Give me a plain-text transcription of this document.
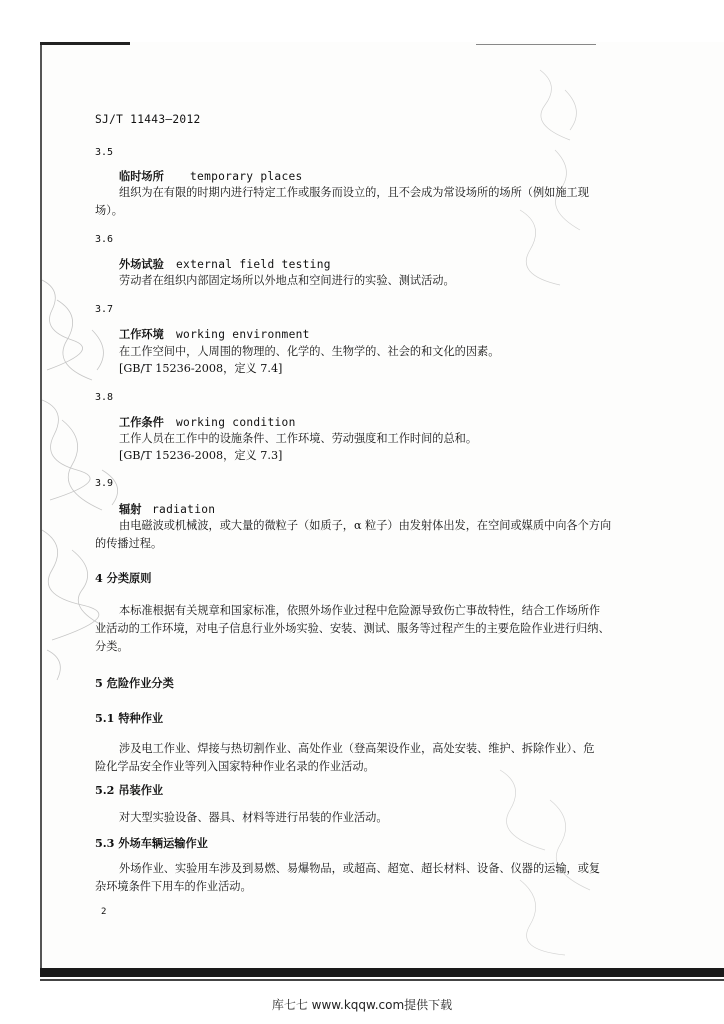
SJ/T 11443—2012
3.5
临时场所 temporary places
组织为在有限的时期内进行特定工作或服务而设立的，且不会成为常设场所的场所（例如施工现
场）。
3.6
外场试验 external field testing
劳动者在组织内部固定场所以外地点和空间进行的实验、测试活动。
3.7
工作环境 working environment
在工作空间中，人周围的物理的、化学的、生物学的、社会的和文化的因素。
[GB/T 15236-2008，定义 7.4]
3.8
工作条件 working condition
工作人员在工作中的设施条件、工作环境、劳动强度和工作时间的总和。
[GB/T 15236-2008，定义 7.3]
3.9
辐射 radiation
由电磁波或机械波，或大量的微粒子（如质子，α 粒子）由发射体出发，在空间或媒质中向各个方向
的传播过程。
4 分类原则
本标准根据有关规章和国家标准，依照外场作业过程中危险源导致伤亡事故特性，结合工作场所作
业活动的工作环境，对电子信息行业外场实验、安装、测试、服务等过程产生的主要危险作业进行归纳、
分类。
5 危险作业分类
5.1 特种作业
涉及电工作业、焊接与热切割作业、高处作业（登高架设作业，高处安装、维护、拆除作业）、危
险化学品安全作业等列入国家特种作业名录的作业活动。
5.2 吊装作业
对大型实验设备、器具、材料等进行吊装的作业活动。
5.3 外场车辆运输作业
外场作业、实验用车涉及到易燃、易爆物品，或超高、超宽、超长材料、设备、仪器的运输，或复
杂环境条件下用车的作业活动。
2
库七七 www.kqqw.com提供下载
